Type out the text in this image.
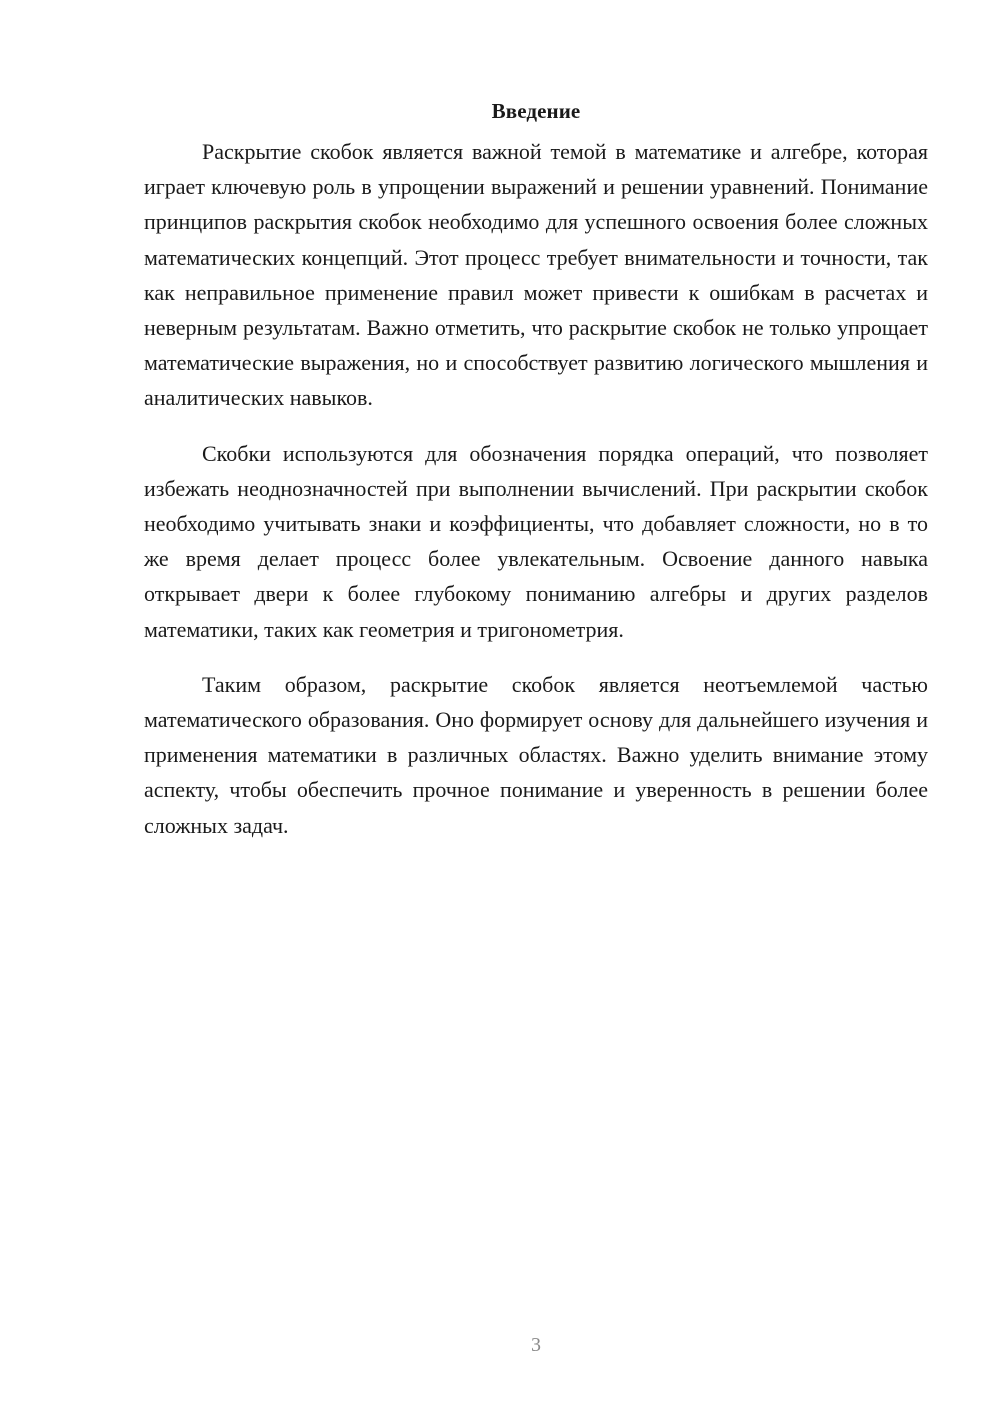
Введение

Раскрытие скобок является важной темой в математике и алгебре, которая играет ключевую роль в упрощении выражений и решении уравнений. Понимание принципов раскрытия скобок необходимо для успешного освоения более сложных математических концепций. Этот процесс требует внимательности и точности, так как неправильное применение правил может привести к ошибкам в расчетах и неверным результатам. Важно отметить, что раскрытие скобок не только упрощает математические выражения, но и способствует развитию логического мышления и аналитических навыков.

Скобки используются для обозначения порядка операций, что позволяет избежать неоднозначностей при выполнении вычислений. При раскрытии скобок необходимо учитывать знаки и коэффициенты, что добавляет сложности, но в то же время делает процесс более увлекательным. Освоение данного навыка открывает двери к более глубокому пониманию алгебры и других разделов математики, таких как геометрия и тригонометрия.

Таким образом, раскрытие скобок является неотъемлемой частью математического образования. Оно формирует основу для дальнейшего изучения и применения математики в различных областях. Важно уделить внимание этому аспекту, чтобы обеспечить прочное понимание и уверенность в решении более сложных задач.

3
